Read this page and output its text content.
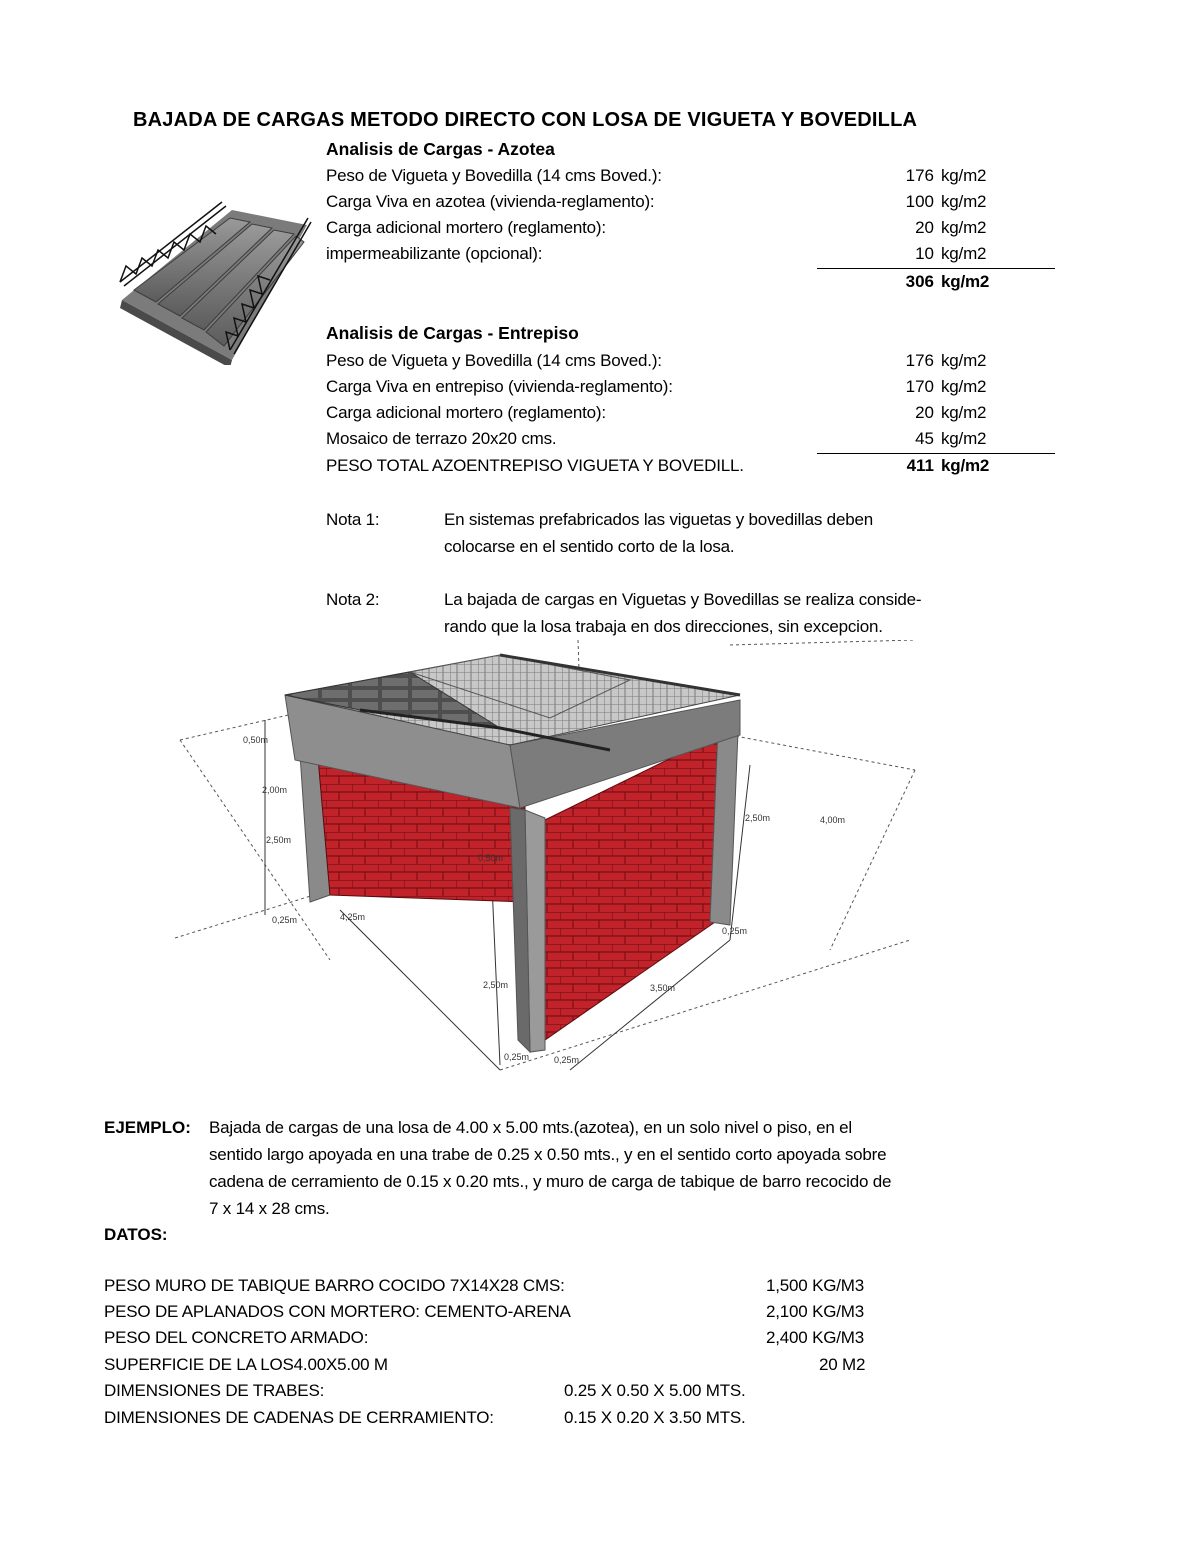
BAJADA DE CARGAS METODO DIRECTO CON LOSA DE VIGUETA Y BOVEDILLA
Analisis de Cargas - Azotea
Peso de Vigueta y Bovedilla (14 cms Boved.):	176 kg/m2
Carga Viva en azotea (vivienda-reglamento):	100 kg/m2
Carga adicional mortero (reglamento):	20 kg/m2
impermeabilizante (opcional):	10 kg/m2
306 kg/m2
Analisis de Cargas - Entrepiso
Peso de Vigueta y Bovedilla (14 cms Boved.):	176 kg/m2
Carga Viva en entrepiso (vivienda-reglamento):	170 kg/m2
Carga adicional mortero (reglamento):	20 kg/m2
Mosaico de terrazo 20x20 cms.	45 kg/m2
PESO TOTAL AZOENTREPISO VIGUETA Y BOVEDILL.	411 kg/m2
Nota 1:	En sistemas prefabricados las viguetas y bovedillas deben
colocarse en el sentido corto de la losa.
Nota 2:	La bajada de cargas en Viguetas y Bovedillas se realiza conside-
rando que la losa trabaja en dos direcciones, sin excepcion.
0,50m
2,00m
2,50m
0,25m	4,25m
0,50m
2,50m	4,00m
0,25m
2,50m	3,50m
0,25m	0,25m
EJEMPLO: Bajada de cargas de una losa de 4.00 x 5.00 mts.(azotea), en un solo nivel o piso, en el
sentido largo apoyada en una trabe de 0.25 x 0.50 mts., y en el sentido corto apoyada sobre
cadena de cerramiento de 0.15 x 0.20 mts., y muro de carga de tabique de barro recocido de
7 x 14 x 28 cms.
DATOS:
PESO MURO DE TABIQUE BARRO COCIDO 7X14X28 CMS:	1,500 KG/M3
PESO DE APLANADOS CON MORTERO: CEMENTO-ARENA	2,100 KG/M3
PESO DEL CONCRETO ARMADO:	2,400 KG/M3
SUPERFICIE DE LA LOS4.00X5.00 M	20 M2
DIMENSIONES DE TRABES:	0.25 X 0.50 X 5.00 MTS.
DIMENSIONES DE CADENAS DE CERRAMIENTO:	0.15 X 0.20 X 3.50 MTS.
